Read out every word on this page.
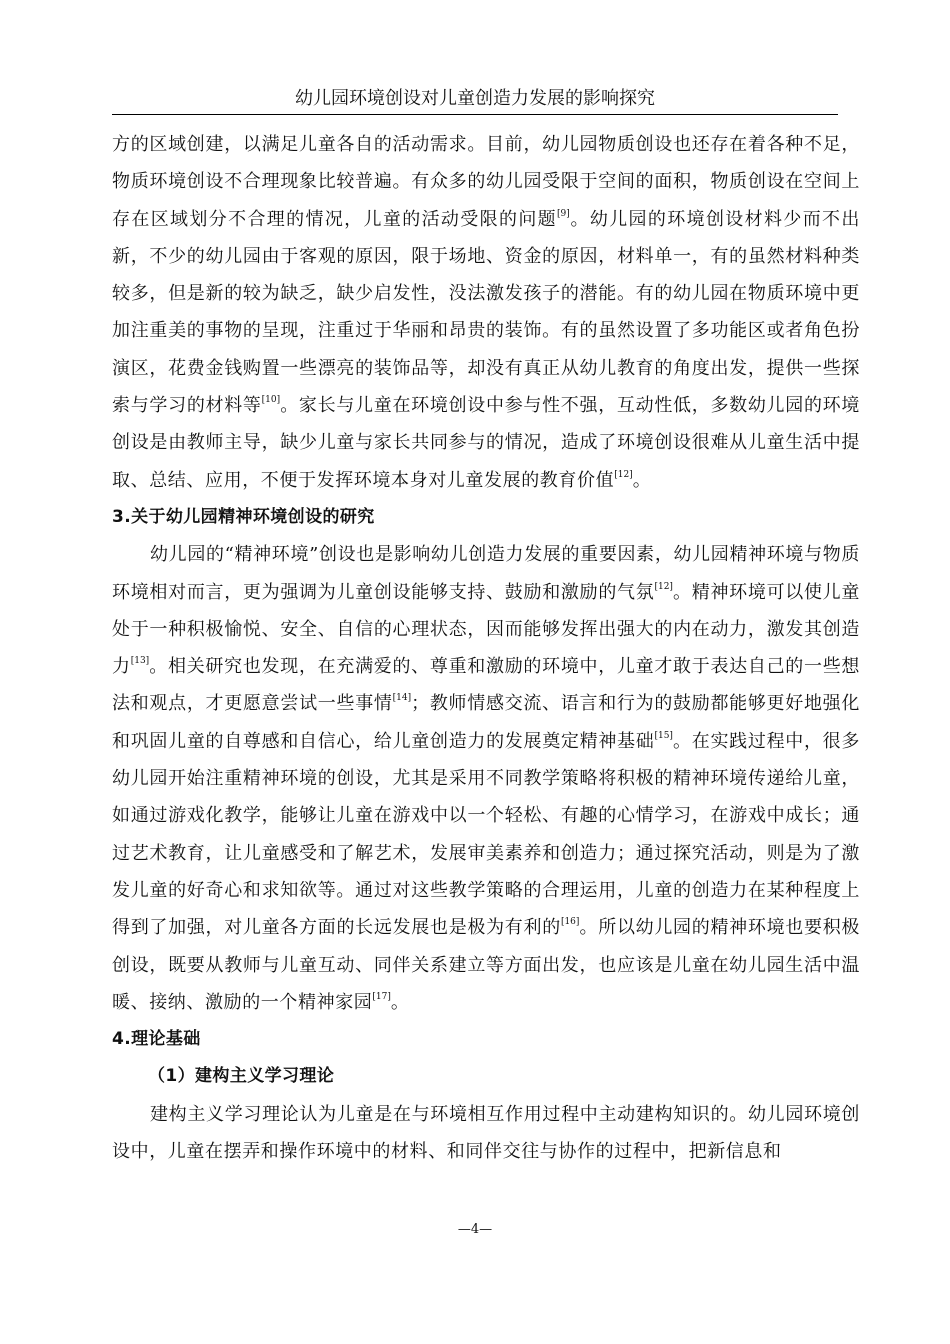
幼儿园环境创设对儿童创造力发展的影响探究

方的区域创建，以满足儿童各自的活动需求。目前，幼儿园物质创设也还存在着各种不足，物质环境创设不合理现象比较普遍。有众多的幼儿园受限于空间的面积，物质创设在空间上存在区域划分不合理的情况，儿童的活动受限的问题[9]。幼儿园的环境创设材料少而不出新，不少的幼儿园由于客观的原因，限于场地、资金的原因，材料单一，有的虽然材料种类较多，但是新的较为缺乏，缺少启发性，没法激发孩子的潜能。有的幼儿园在物质环境中更加注重美的事物的呈现，注重过于华丽和昂贵的装饰。有的虽然设置了多功能区或者角色扮演区，花费金钱购置一些漂亮的装饰品等，却没有真正从幼儿教育的角度出发，提供一些探索与学习的材料等[10]。家长与儿童在环境创设中参与性不强，互动性低，多数幼儿园的环境创设是由教师主导，缺少儿童与家长共同参与的情况，造成了环境创设很难从儿童生活中提取、总结、应用，不便于发挥环境本身对儿童发展的教育价值[12]。

3.关于幼儿园精神环境创设的研究

幼儿园的“精神环境”创设也是影响幼儿创造力发展的重要因素，幼儿园精神环境与物质环境相对而言，更为强调为儿童创设能够支持、鼓励和激励的气氛[12]。精神环境可以使儿童处于一种积极愉悦、安全、自信的心理状态，因而能够发挥出强大的内在动力，激发其创造力[13]。相关研究也发现，在充满爱的、尊重和激励的环境中，儿童才敢于表达自己的一些想法和观点，才更愿意尝试一些事情[14]；教师情感交流、语言和行为的鼓励都能够更好地强化和巩固儿童的自尊感和自信心，给儿童创造力的发展奠定精神基础[15]。在实践过程中，很多幼儿园开始注重精神环境的创设，尤其是采用不同教学策略将积极的精神环境传递给儿童，如通过游戏化教学，能够让儿童在游戏中以一个轻松、有趣的心情学习，在游戏中成长；通过艺术教育，让儿童感受和了解艺术，发展审美素养和创造力；通过探究活动，则是为了激发儿童的好奇心和求知欲等。通过对这些教学策略的合理运用，儿童的创造力在某种程度上得到了加强，对儿童各方面的长远发展也是极为有利的[16]。所以幼儿园的精神环境也要积极创设，既要从教师与儿童互动、同伴关系建立等方面出发，也应该是儿童在幼儿园生活中温暖、接纳、激励的一个精神家园[17]。

4.理论基础
（1）建构主义学习理论

建构主义学习理论认为儿童是在与环境相互作用过程中主动建构知识的。幼儿园环境创设中，儿童在摆弄和操作环境中的材料、和同伴交往与协作的过程中，把新信息和

—4—
